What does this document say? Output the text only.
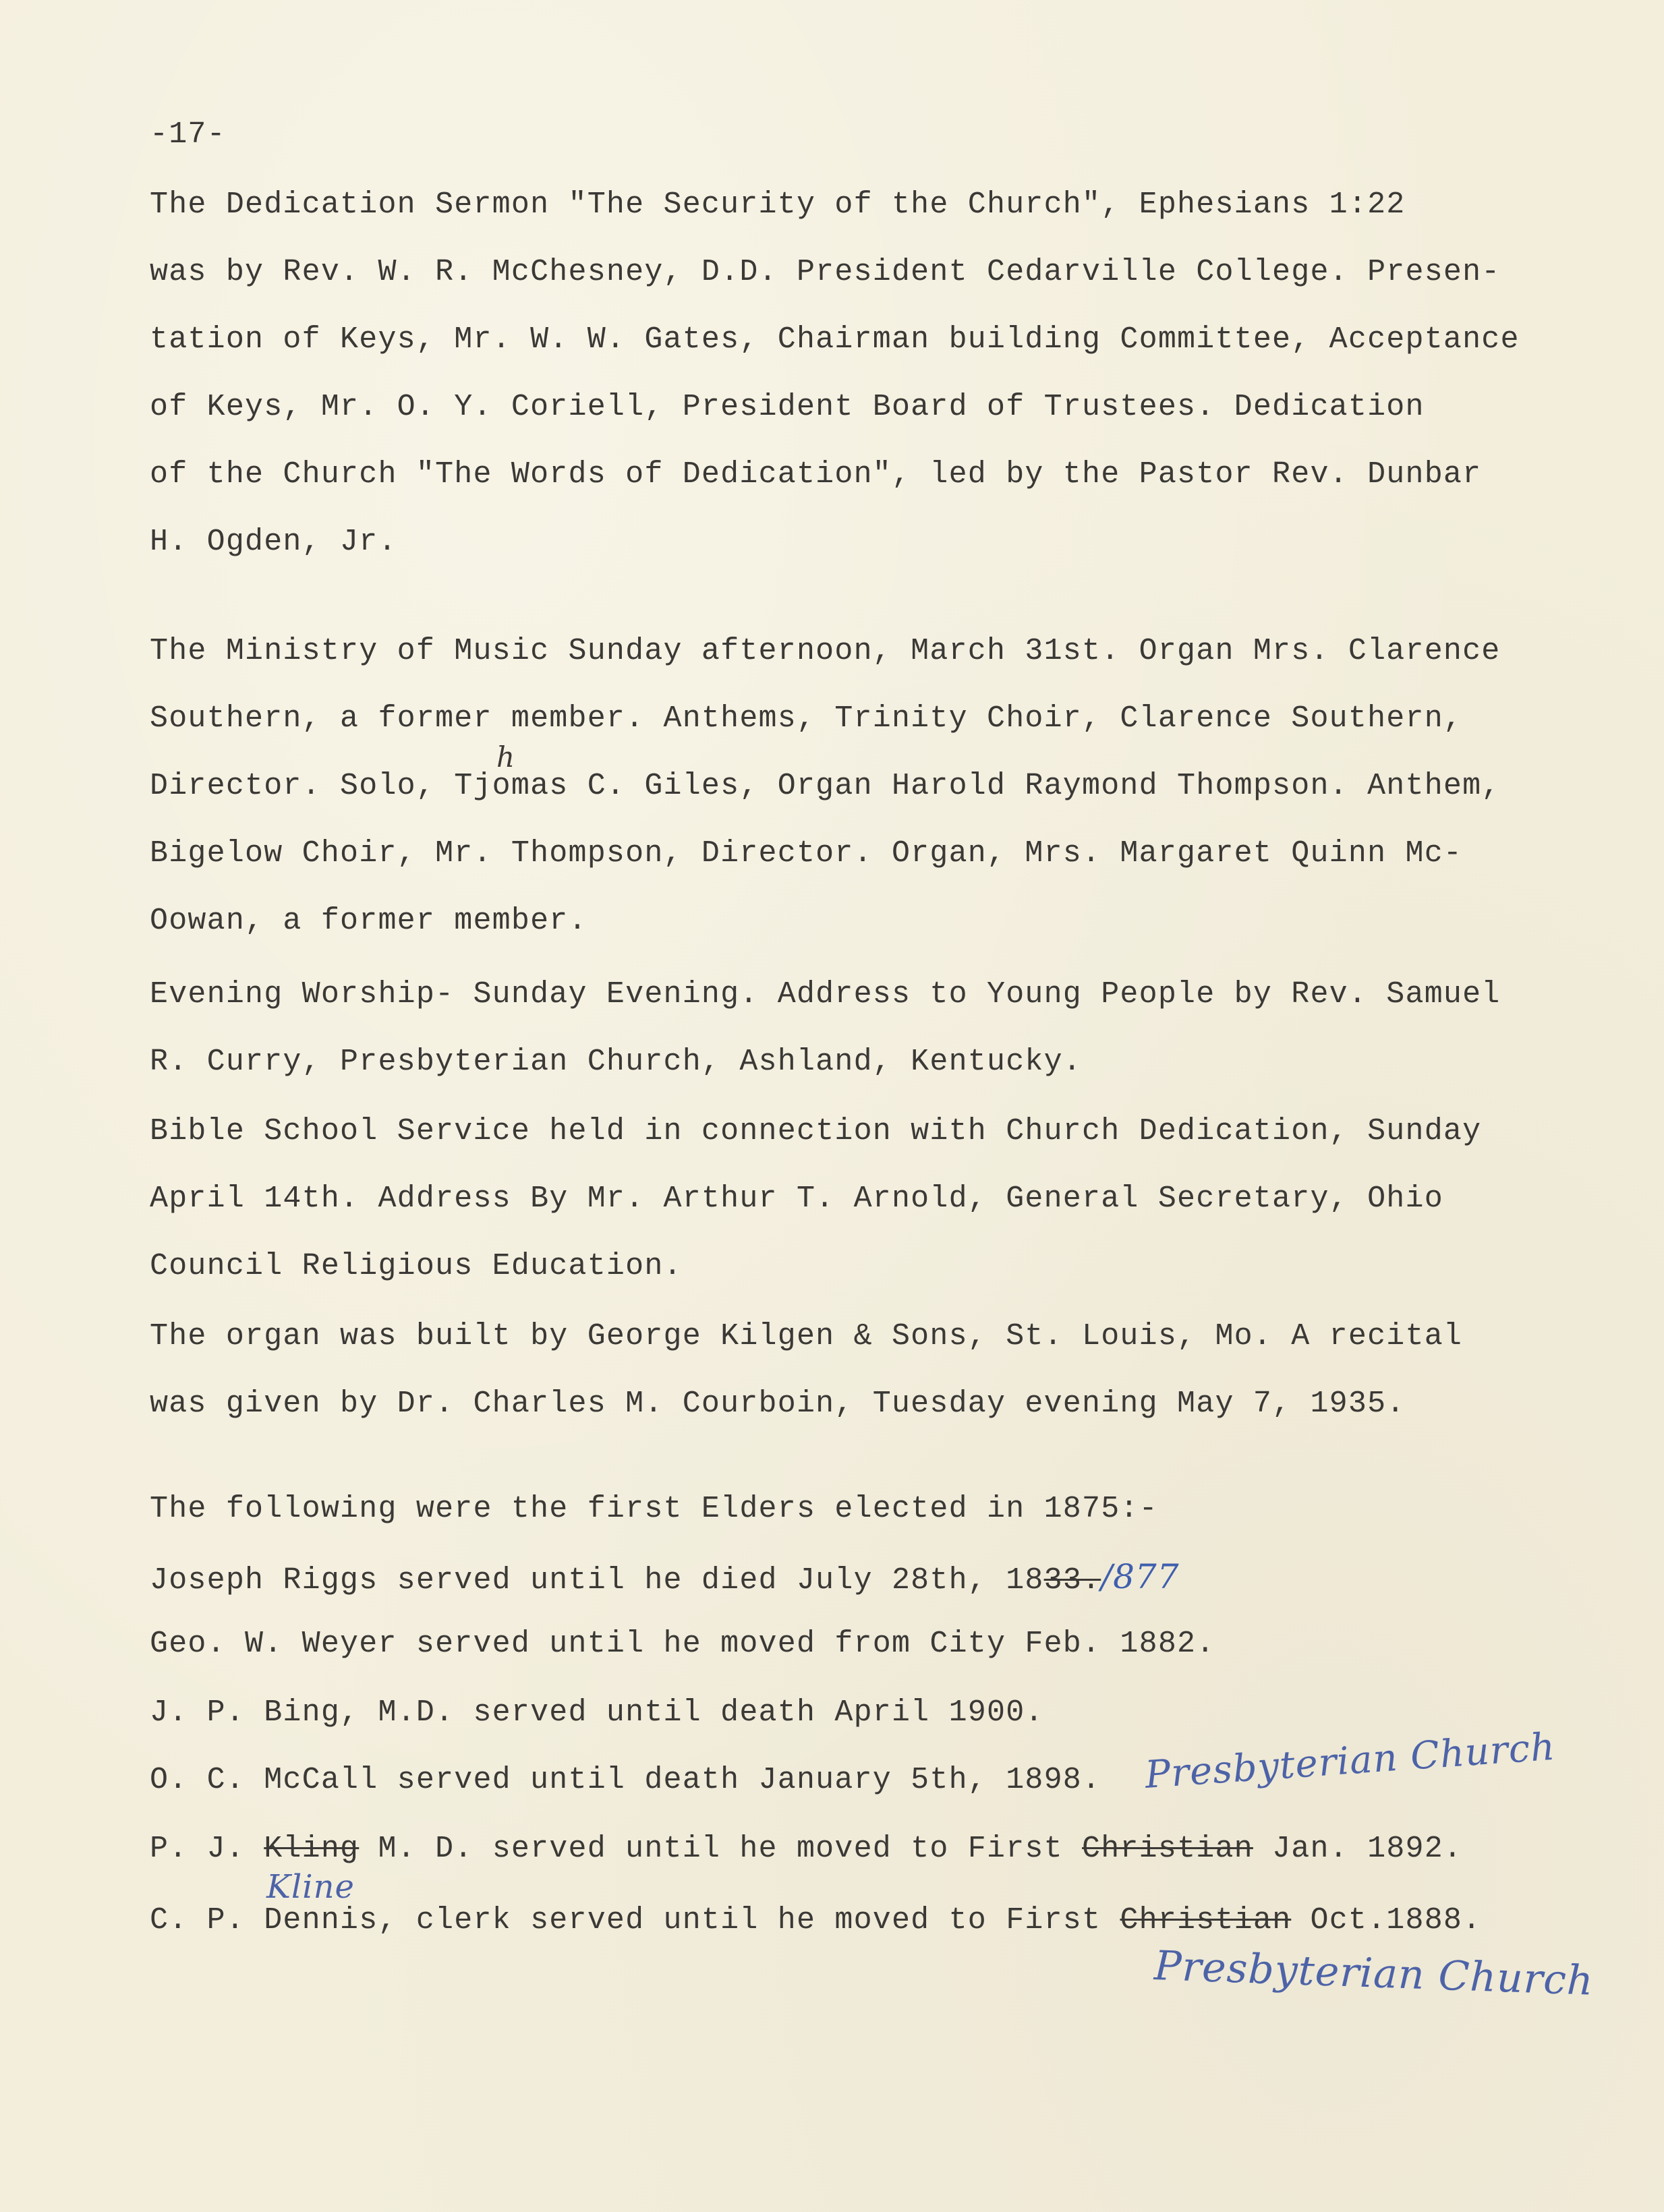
-17-
The Dedication Sermon "The Security of the Church", Ephesians 1:22
was by Rev. W. R. McChesney, D.D. President Cedarville College. Presen-
tation of Keys, Mr. W. W. Gates, Chairman building Committee, Acceptance
of Keys, Mr. O. Y. Coriell, President Board of Trustees. Dedication
of the Church "The Words of Dedication", led by the Pastor Rev. Dunbar
H. Ogden, Jr.
The Ministry of Music Sunday afternoon, March 31st. Organ Mrs. Clarence
Southern, a former member. Anthems, Trinity Choir, Clarence Southern,
Director. Solo, Tjomas C. Giles, Organ Harold Raymond Thompson. Anthem,
h
Bigelow Choir, Mr. Thompson, Director. Organ, Mrs. Margaret Quinn Mc-
Oowan, a former member.
Evening Worship- Sunday Evening. Address to Young People by Rev. Samuel
R. Curry, Presbyterian Church, Ashland, Kentucky.
Bible School Service held in connection with Church Dedication, Sunday
April 14th. Address By Mr. Arthur T. Arnold, General Secretary, Ohio
Council Religious Education.
The organ was built by George Kilgen & Sons, St. Louis, Mo. A recital
was given by Dr. Charles M. Courboin, Tuesday evening May 7, 1935.
The following were the first Elders elected in 1875:-
Joseph Riggs served until he died July 28th, 1833./877
Geo. W. Weyer served until he moved from City Feb. 1882.
J. P. Bing, M.D. served until death April 1900.
O. C. McCall served until death January 5th, 1898. Presbyterian Church
P. J. Kling M. D. served until he moved to First Christian Jan. 1892.
Kline
C. P. Dennis, clerk served until he moved to First Christian Oct.1888.
Presbyterian Church
